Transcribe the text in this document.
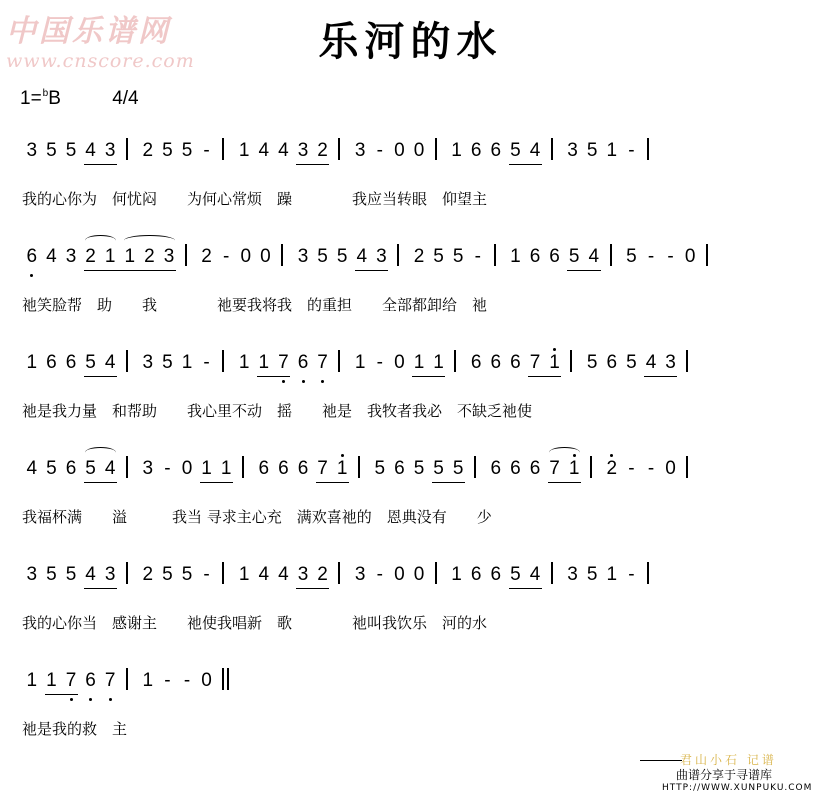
中国乐谱网
www.cnscore.com	乐河的水
1=$^b$B	4/4
3 5 5 4 3 2 5 5 -	1 4 4 3 2 3 - 0 0 1 6 6 5 4 3 5 1 -
我的心你为　何忧闷　　为何心常烦　躁　　　　我应当转眼　仰望主
6 4 3 2 1 1 2 3 2 - 0 0 3 5 5 4 3 2 5 5 -	1 6 6 5 4 5 - - 0
祂笑脸帮　助　　我　　　　祂要我将我　的重担　　全部都卸给　祂
1 6 6 5 4 3 5 1 -	1 1 7 6 7 1 - 0 1 1 6 6 6 7 1 5 6 5 4 3
祂是我力量　和帮助　　我心里不动　摇　　祂是　我牧者我必　不缺乏祂使
4 5 6 5 4 3 - 0 1 1 6 6 6 7 1 5 6 5 5 5 6 6 6 7 1 2 - - 0
我福杯满　　溢　　　我当 寻求主心充　满欢喜祂的　恩典没有　　少
3 5 5 4 3 2 5 5 -	1 4 4 3 2 3 - 0 0 1 6 6 5 4 3 5 1 -
我的心你当　感谢主　　祂使我唱新　歌　　　　祂叫我饮乐　河的水
1 1 7 6 7 1 - - 0
祂是我的救　主
君山小石 记谱
曲谱分享于寻谱库
HTTP://WWW.XUNPUKU.COM
